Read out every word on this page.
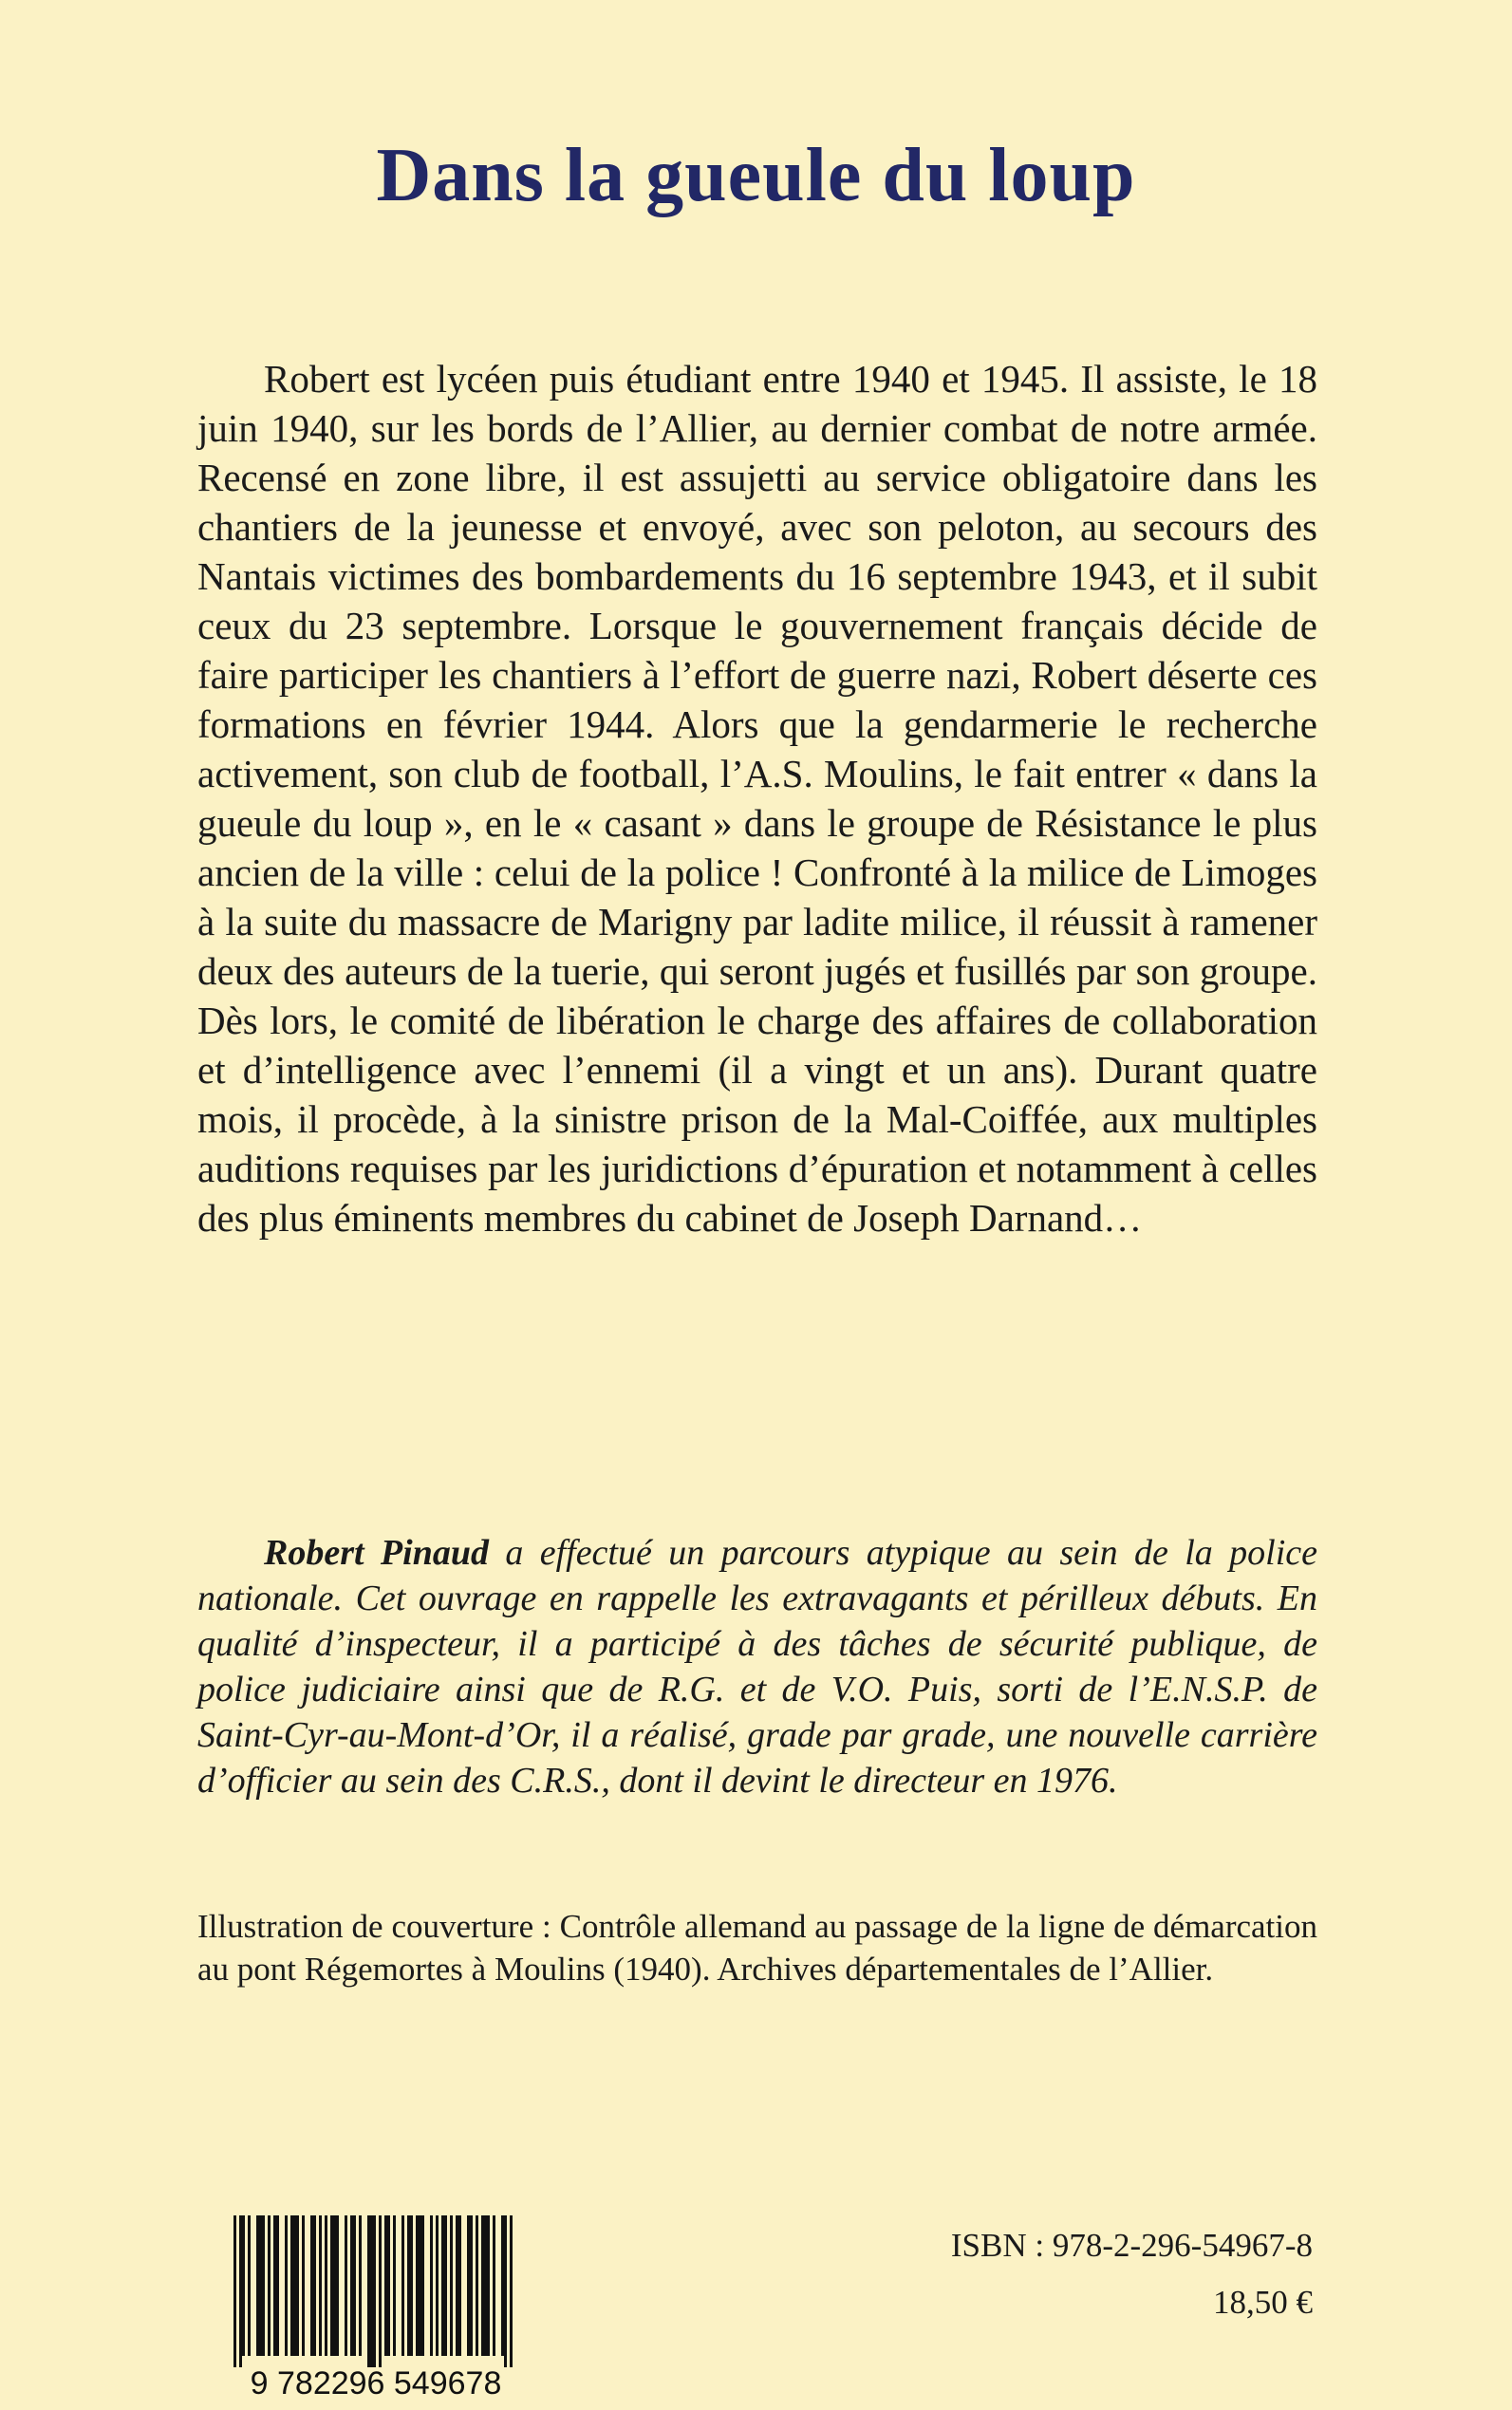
Dans la gueule du loup

Robert est lycéen puis étudiant entre 1940 et 1945. Il assiste, le 18 juin 1940, sur les bords de l’Allier, au dernier combat de notre armée. Recensé en zone libre, il est assujetti au service obligatoire dans les chantiers de la jeunesse et envoyé, avec son peloton, au secours des Nantais victimes des bombardements du 16 septembre 1943, et il subit ceux du 23 septembre. Lorsque le gouvernement français décide de faire participer les chantiers à l’effort de guerre nazi, Robert déserte ces formations en février 1944. Alors que la gendarmerie le recherche activement, son club de football, l’A.S. Moulins, le fait entrer « dans la gueule du loup », en le « casant » dans le groupe de Résistance le plus ancien de la ville : celui de la police ! Confronté à la milice de Limoges à la suite du massacre de Marigny par ladite milice, il réussit à ramener deux des auteurs de la tuerie, qui seront jugés et fusillés par son groupe. Dès lors, le comité de libération le charge des affaires de collaboration et d’intelligence avec l’ennemi (il a vingt et un ans). Durant quatre mois, il procède, à la sinistre prison de la Mal-Coiffée, aux multiples auditions requises par les juridictions d’épuration et notamment à celles des plus éminents membres du cabinet de Joseph Darnand…

Robert Pinaud a effectué un parcours atypique au sein de la police nationale. Cet ouvrage en rappelle les extravagants et périlleux débuts. En qualité d’inspecteur, il a participé à des tâches de sécurité publique, de police judiciaire ainsi que de R.G. et de V.O. Puis, sorti de l’E.N.S.P. de Saint-Cyr-au-Mont-d’Or, il a réalisé, grade par grade, une nouvelle carrière d’officier au sein des C.R.S., dont il devint le directeur en 1976.

Illustration de couverture : Contrôle allemand au passage de la ligne de démarcation au pont Régemortes à Moulins (1940). Archives départementales de l’Allier.

9 782296 549678

ISBN : 978-2-296-54967-8

18,50 €
